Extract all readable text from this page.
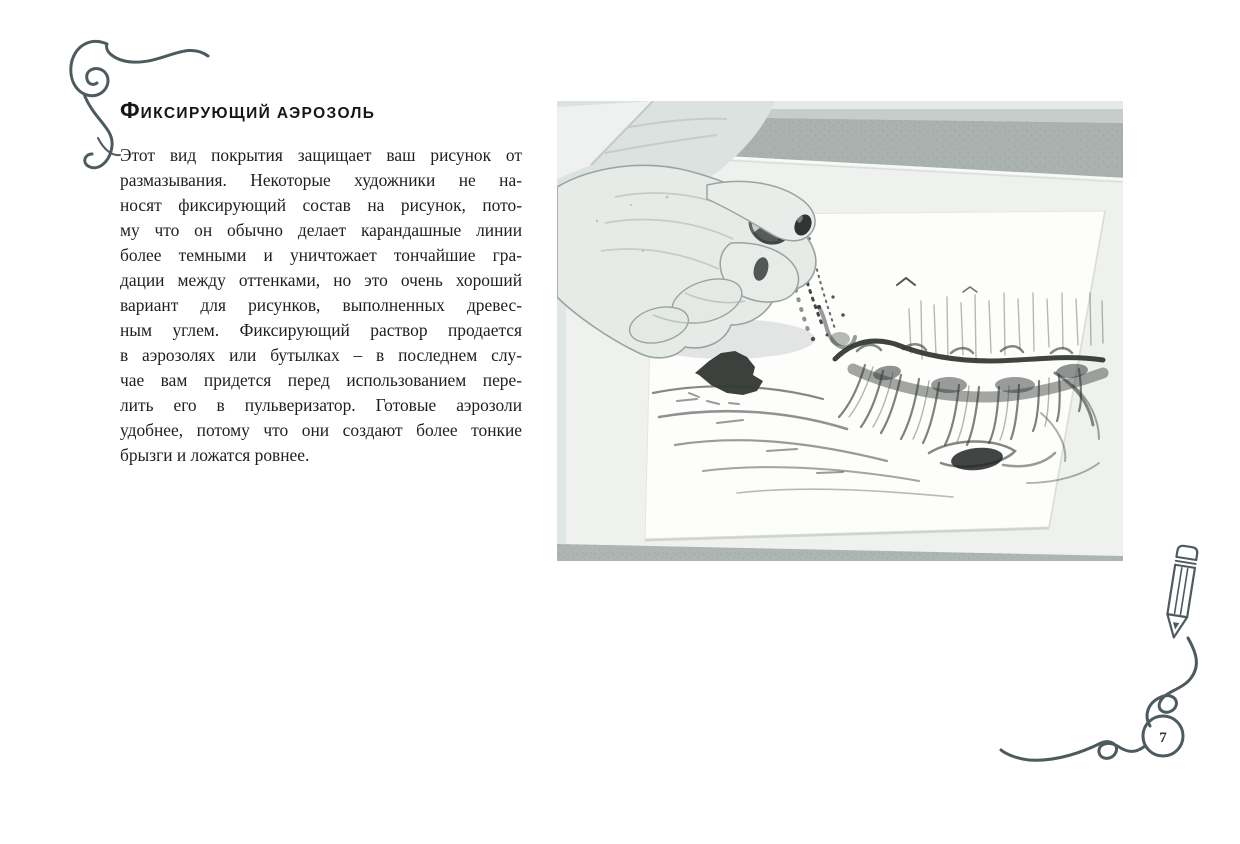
ФИКСИРУЮЩИЙ АЭРОЗОЛЬ
Этот вид покрытия защищает ваш рисунок от
размазывания. Некоторые художники не на-
носят фиксирующий состав на рисунок, пото-
му что он обычно делает карандашные линии
более темными и уничтожает тончайшие гра-
дации между оттенками, но это очень хороший
вариант для рисунков, выполненных древес-
ным углем. Фиксирующий раствор продается
в аэрозолях или бутылках – в последнем слу-
чае вам придется перед использованием пере-
лить его в пульверизатор. Готовые аэрозоли
удобнее, потому что они создают более тонкие
брызги и ложатся ровнее.
7
